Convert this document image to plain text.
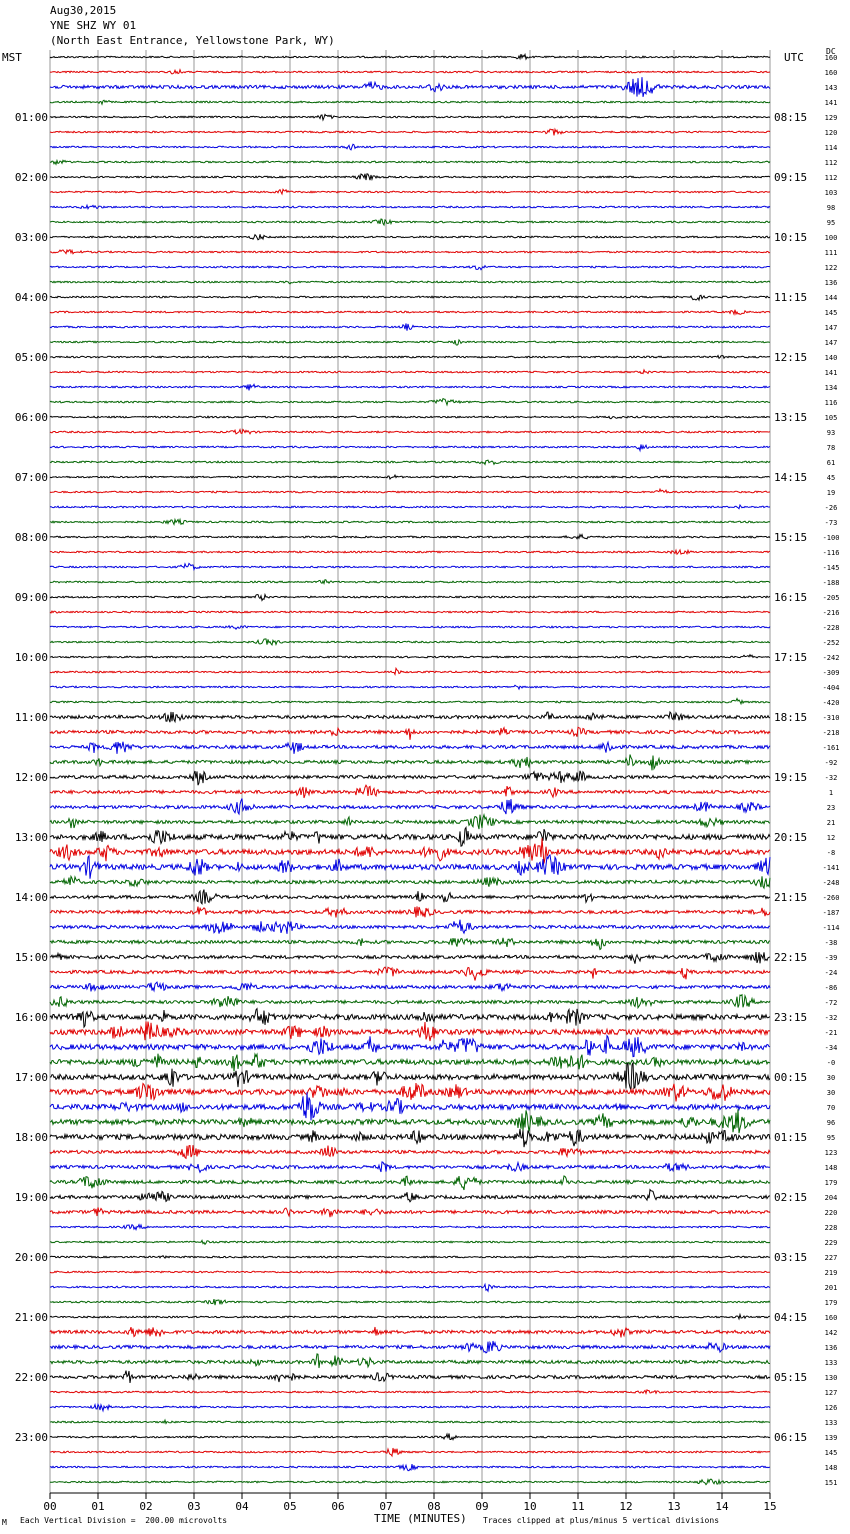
Aug30,2015
YNE SHZ WY 01
(North East Entrance, Yellowstone Park, WY)
MST	UTC	DC
00	01	02	03	04	05	06	07	08	09	10	11	12	13	14	15
160
160
143
141
129
120
114
112
112
103
98
95
100
111
122
136
144
145
147
147
140
141
134
116
105
93
78
61
45
19
-26
-73
-100
-116
-145
-188
-205
-216
-228
-252
-242
-309
-404
-420
-310
-218
-161
-92
-32
1
23
21
12
-8
-141
-248
-260
-187
-114
-38
-39
-24
-86
-72
-32
-21
-34
-0
30
30
70
96
95
123
148
179
204
220
228
229
227
219
201
179
160
142
136
133
130
127
126
133
139
145
148
151
01:00
02:00
03:00
04:00
05:00
06:00
07:00
08:00
09:00
10:00
11:00
12:00
13:00
14:00
15:00
16:00
17:00
18:00
19:00
20:00
21:00
22:00
23:00
08:15
09:15
10:15
11:15
12:15
13:15
14:15
15:15
16:15
17:15
18:15
19:15
20:15
21:15
22:15
23:15
00:15
01:15
02:15
03:15
04:15
05:15
06:15
TIME (MINUTES)
M Each Vertical Division =  200.00 microvolts	Traces clipped at plus/minus 5 vertical divisions
